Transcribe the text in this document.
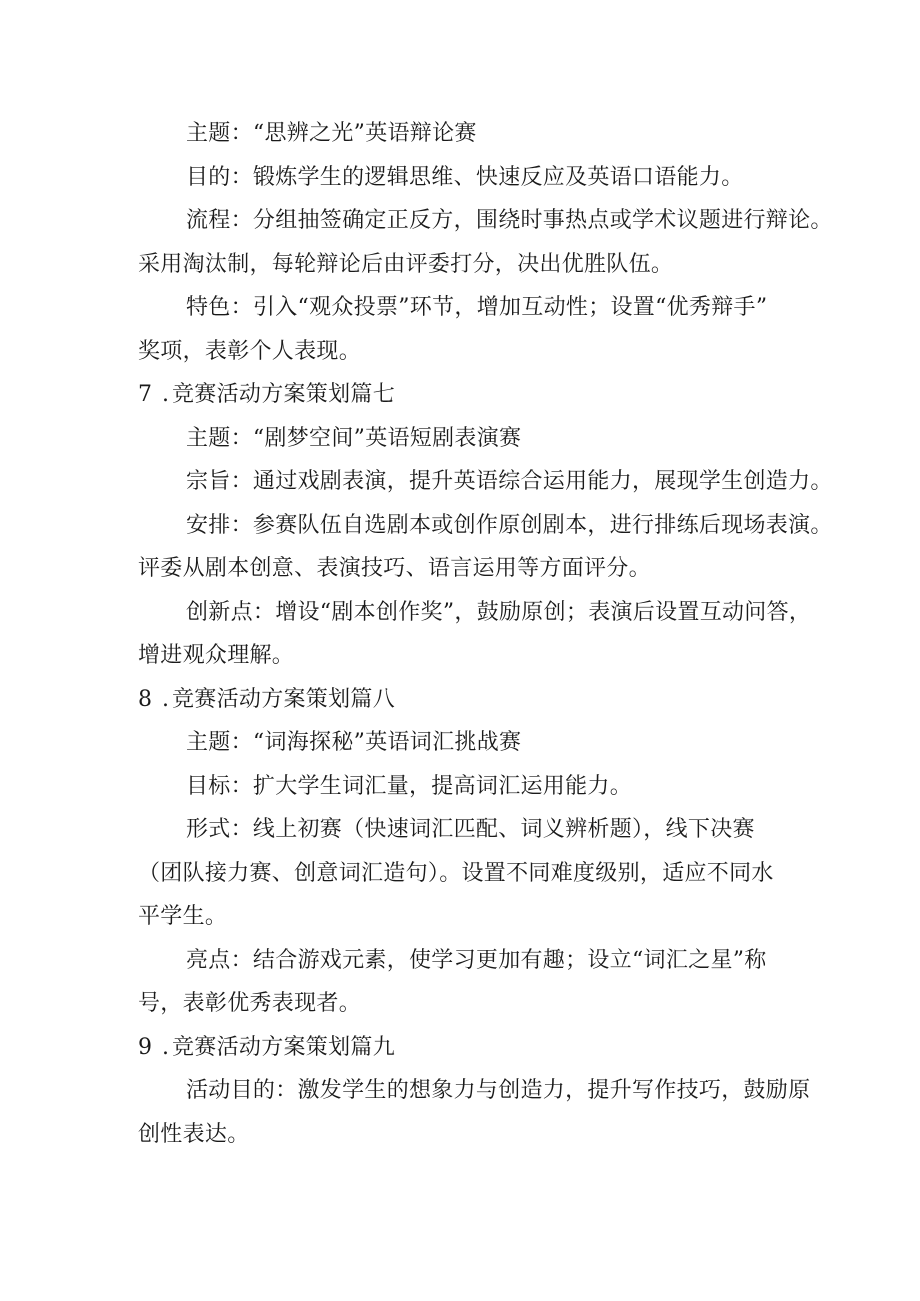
主题：“思辨之光”英语辩论赛
目的：锻炼学生的逻辑思维、快速反应及英语口语能力。
流程：分组抽签确定正反方，围绕时事热点或学术议题进行辩论。
采用淘汰制，每轮辩论后由评委打分，决出优胜队伍。
特色：引入“观众投票”环节，增加互动性；设置“优秀辩手”
奖项，表彰个人表现。
7 . 竞赛活动方案策划篇七
主题：“剧梦空间”英语短剧表演赛
宗旨：通过戏剧表演，提升英语综合运用能力，展现学生创造力。
安排：参赛队伍自选剧本或创作原创剧本，进行排练后现场表演。
评委从剧本创意、表演技巧、语言运用等方面评分。
创新点：增设“剧本创作奖”，鼓励原创；表演后设置互动问答，
增进观众理解。
8 . 竞赛活动方案策划篇八
主题：“词海探秘”英语词汇挑战赛
目标：扩大学生词汇量，提高词汇运用能力。
形式：线上初赛（快速词汇匹配、词义辨析题），线下决赛
（团队接力赛、创意词汇造句）。设置不同难度级别，适应不同水
平学生。
亮点：结合游戏元素，使学习更加有趣；设立“词汇之星”称
号，表彰优秀表现者。
9 . 竞赛活动方案策划篇九
活动目的：激发学生的想象力与创造力，提升写作技巧，鼓励原
创性表达。
